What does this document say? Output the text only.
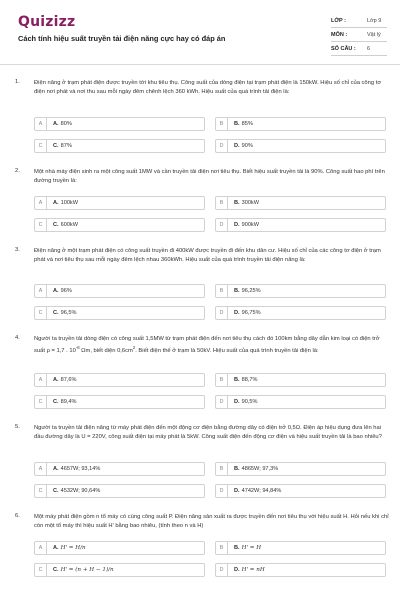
Quizizz
Cách tính hiệu suất truyền tải điện năng cực hay có đáp án
LỚP :	Lớp 9
MÔN :	Vật lý
SỐ CÂU :	6
1. Điện năng ở trạm phát điện được truyền tới khu tiêu thụ. Công suất của dòng điện tại trạm phát điện là 150kW. Hiệu số chỉ của công tơ điện nơi phát và nơi thu sau mỗi ngày đêm chênh lệch 360 kWh. Hiệu suất của quá trình tải điện là:
A	A. 80%	B	B. 85%
C	C. 87%	D	D. 90%
2. Một nhà máy điện sinh ra một công suất 1MW và cần truyền tải điện nơi tiêu thụ. Biết hiệu suất truyền tải là 90%. Công suất hao phí trên đường truyền là:
A	A. 100kW	B	B. 300kW
C	C. 600kW	D	D. 900kW
3. Điện năng ở một trạm phát điện có công suất truyền đi 400kW được truyền đi đến khu dân cư. Hiệu số chỉ của các công tơ điện ở trạm phát và nơi tiêu thụ sau mỗi ngày đêm lệch nhau 360kWh. Hiệu suất của quá trình truyền tải điện năng là:
A	A. 96%	B	B. 96,25%
C	C. 96,5%	D	D. 96,75%
4. Người ta truyền tải dòng điện có công suất 1,5MW từ trạm phát điện đến nơi tiêu thụ cách đó 100km bằng dây dẫn kim loại có điện trở suất ρ = 1,7 . $10^{-8}$ Ωm, biết diện $0,6cm^2$. Biết điện thế ở trạm là 50kV. Hiệu suất của quá trình truyền tải điện là:
A	A. 87,6%	B	B. 88,7%
C	C. 89,4%	D	D. 90,5%
5. Người ta truyền tải điện năng từ máy phát điện đến một động cơ điện bằng đường dây có điện trở 0,5Ω. Điện áp hiệu dụng đưa lên hai đầu đường dây là U = 220V, công suất điện tại máy phát là 5kW. Công suất điện đến động cơ điện và hiệu suất truyền tải là bao nhiêu?
A	A. 4657W; 93,14%	B	B. 4865W; 97,3%
C	C. 4532W; 90,64%	D	D. 4742W; 94,84%
6. Một máy phát điện gồm n tổ máy có cùng công suất P. Điện năng sản xuất ra được truyền đến nơi tiêu thụ với hiệu suất H. Hỏi nếu khi chỉ còn một tổ máy thì hiệu suất H' bằng bao nhiêu, (tính theo n và H)
A	A. H' = H/n	B	B. H' = H
C	C. H' = (n + H − 1)/n	D	D. H' = nH
